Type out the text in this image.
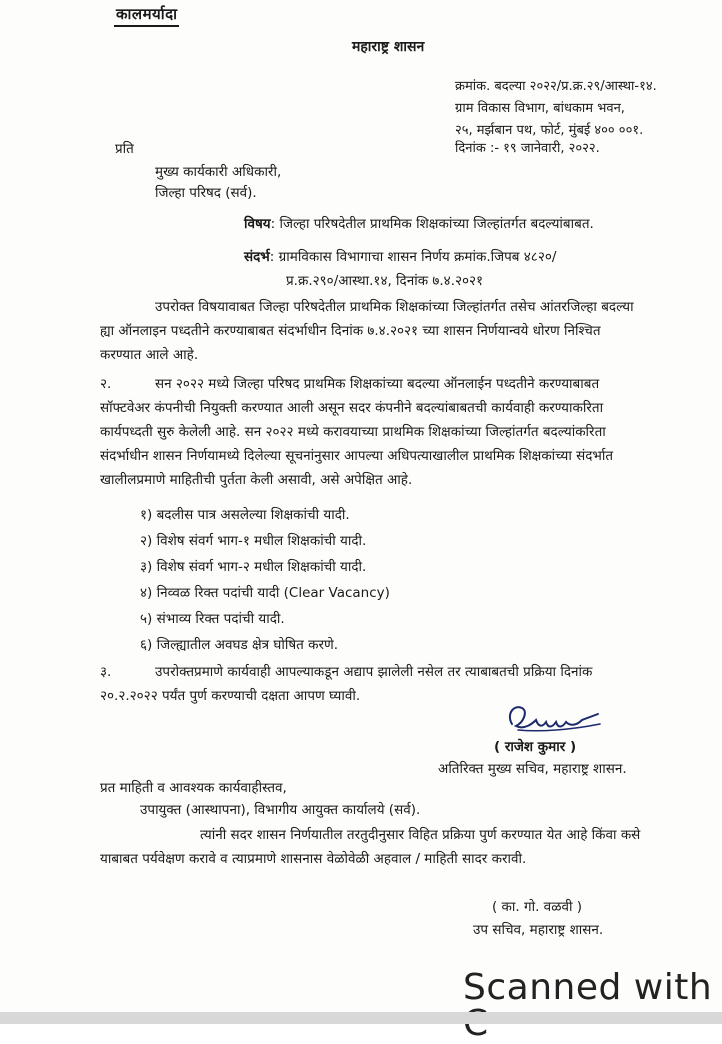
कालमर्यादा
महाराष्ट्र शासन
क्रमांक. बदल्या २०२२/प्र.क्र.२९/आस्था-१४.
ग्राम विकास विभाग, बांधकाम भवन,
२५, मर्झबान पथ, फोर्ट, मुंबई ४०० ००१.
दिनांक :- १९ जानेवारी, २०२२.
प्रति
मुख्य कार्यकारी अधिकारी,
जिल्हा परिषद (सर्व).
विषय: जिल्हा परिषदेतील प्राथमिक शिक्षकांच्या जिल्हांतर्गत बदल्यांबाबत.
संदर्भ: ग्रामविकास विभागाचा शासन निर्णय क्रमांक.जिपब ४८२०/
प्र.क्र.२९०/आस्था.१४, दिनांक ७.४.२०२१
उपरोक्त विषयावाबत जिल्हा परिषदेतील प्राथमिक शिक्षकांच्या जिल्हांतर्गत तसेच आंतरजिल्हा बदल्या
ह्या ऑनलाइन पध्दतीने करण्याबाबत संदर्भाधीन दिनांक ७.४.२०२१ च्या शासन निर्णयान्वये धोरण निश्चित
करण्यात आले आहे.
२.	सन २०२२ मध्ये जिल्हा परिषद प्राथमिक शिक्षकांच्या बदल्या ऑनलाईन पध्दतीने करण्याबाबत
सॉफ्टवेअर कंपनीची नियुक्ती करण्यात आली असून सदर कंपनीने बदल्यांबाबतची कार्यवाही करण्याकरिता
कार्यपध्दती सुरु केलेली आहे. सन २०२२ मध्ये करावयाच्या प्राथमिक शिक्षकांच्या जिल्हांतर्गत बदल्यांकरिता
संदर्भाधीन शासन निर्णयामध्ये दिलेल्या सूचनांनुसार आपल्या अधिपत्याखालील प्राथमिक शिक्षकांच्या संदर्भात
खालीलप्रमाणे माहितीची पुर्तता केली असावी, असे अपेक्षित आहे.
१) बदलीस पात्र असलेल्या शिक्षकांची यादी.
२) विशेष संवर्ग भाग-१ मधील शिक्षकांची यादी.
३) विशेष संवर्ग भाग-२ मधील शिक्षकांची यादी.
४) निव्वळ रिक्त पदांची यादी (Clear Vacancy)
५) संभाव्य रिक्त पदांची यादी.
६) जिल्ह्यातील अवघड क्षेत्र घोषित करणे.
३.	उपरोक्तप्रमाणे कार्यवाही आपल्याकडून अद्याप झालेली नसेल तर त्याबाबतची प्रक्रिया दिनांक
२०.२.२०२२ पर्यंत पुर्ण करण्याची दक्षता आपण घ्यावी.
( राजेश कुमार )
अतिरिक्त मुख्य सचिव, महाराष्ट्र शासन.
प्रत माहिती व आवश्यक कार्यवाहीस्तव,
उपायुक्त (आस्थापना), विभागीय आयुक्त कार्यालये (सर्व).
त्यांनी सदर शासन निर्णयातील तरतुदीनुसार विहित प्रक्रिया पुर्ण करण्यात येत आहे किंवा कसे
याबाबत पर्यवेक्षण करावे व त्याप्रमाणे शासनास वेळोवेळी अहवाल / माहिती सादर करावी.
( का. गो. वळवी )
उप सचिव, महाराष्ट्र शासन.
Scanned with
